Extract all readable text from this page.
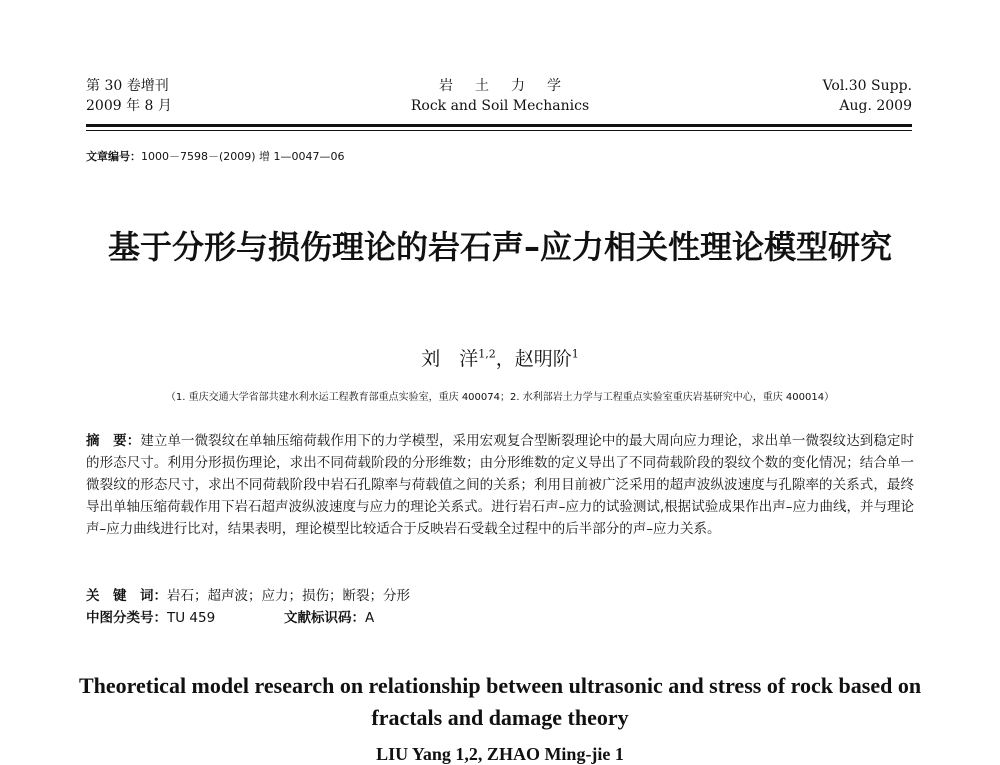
第 30 卷增刊
2009 年 8 月
岩土力学
Rock and Soil Mechanics
Vol.30 Supp.
Aug. 2009
文章编号：1000－7598－(2009) 增 1—0047—06
基于分形与损伤理论的岩石声–应力相关性理论模型研究
刘　洋$^{1,2}$，赵明阶$^1$
（1. 重庆交通大学省部共建水利水运工程教育部重点实验室，重庆 400074；2. 水利部岩土力学与工程重点实验室重庆岩基研究中心，重庆 400014）
摘　要：建立单一微裂纹在单轴压缩荷载作用下的力学模型，采用宏观复合型断裂理论中的最大周向应力理论，求出单一微裂纹达到稳定时的形态尺寸。利用分形损伤理论，求出不同荷载阶段的分形维数；由分形维数的定义导出了不同荷载阶段的裂纹个数的变化情况；结合单一微裂纹的形态尺寸，求出不同荷载阶段中岩石孔隙率与荷载值之间的关系；利用目前被广泛采用的超声波纵波速度与孔隙率的关系式，最终导出单轴压缩荷载作用下岩石超声波纵波速度与应力的理论关系式。进行岩石声–应力的试验测试,根据试验成果作出声–应力曲线，并与理论声–应力曲线进行比对，结果表明，理论模型比较适合于反映岩石受载全过程中的后半部分的声–应力关系。
关　键　词：岩石；超声波；应力；损伤；断裂；分形
中图分类号：TU 459	文献标识码：A
Theoretical model research on relationship between ultrasonic and stress of rock based on fractals and damage theory
LIU Yang 1,2, ZHAO Ming-jie 1
